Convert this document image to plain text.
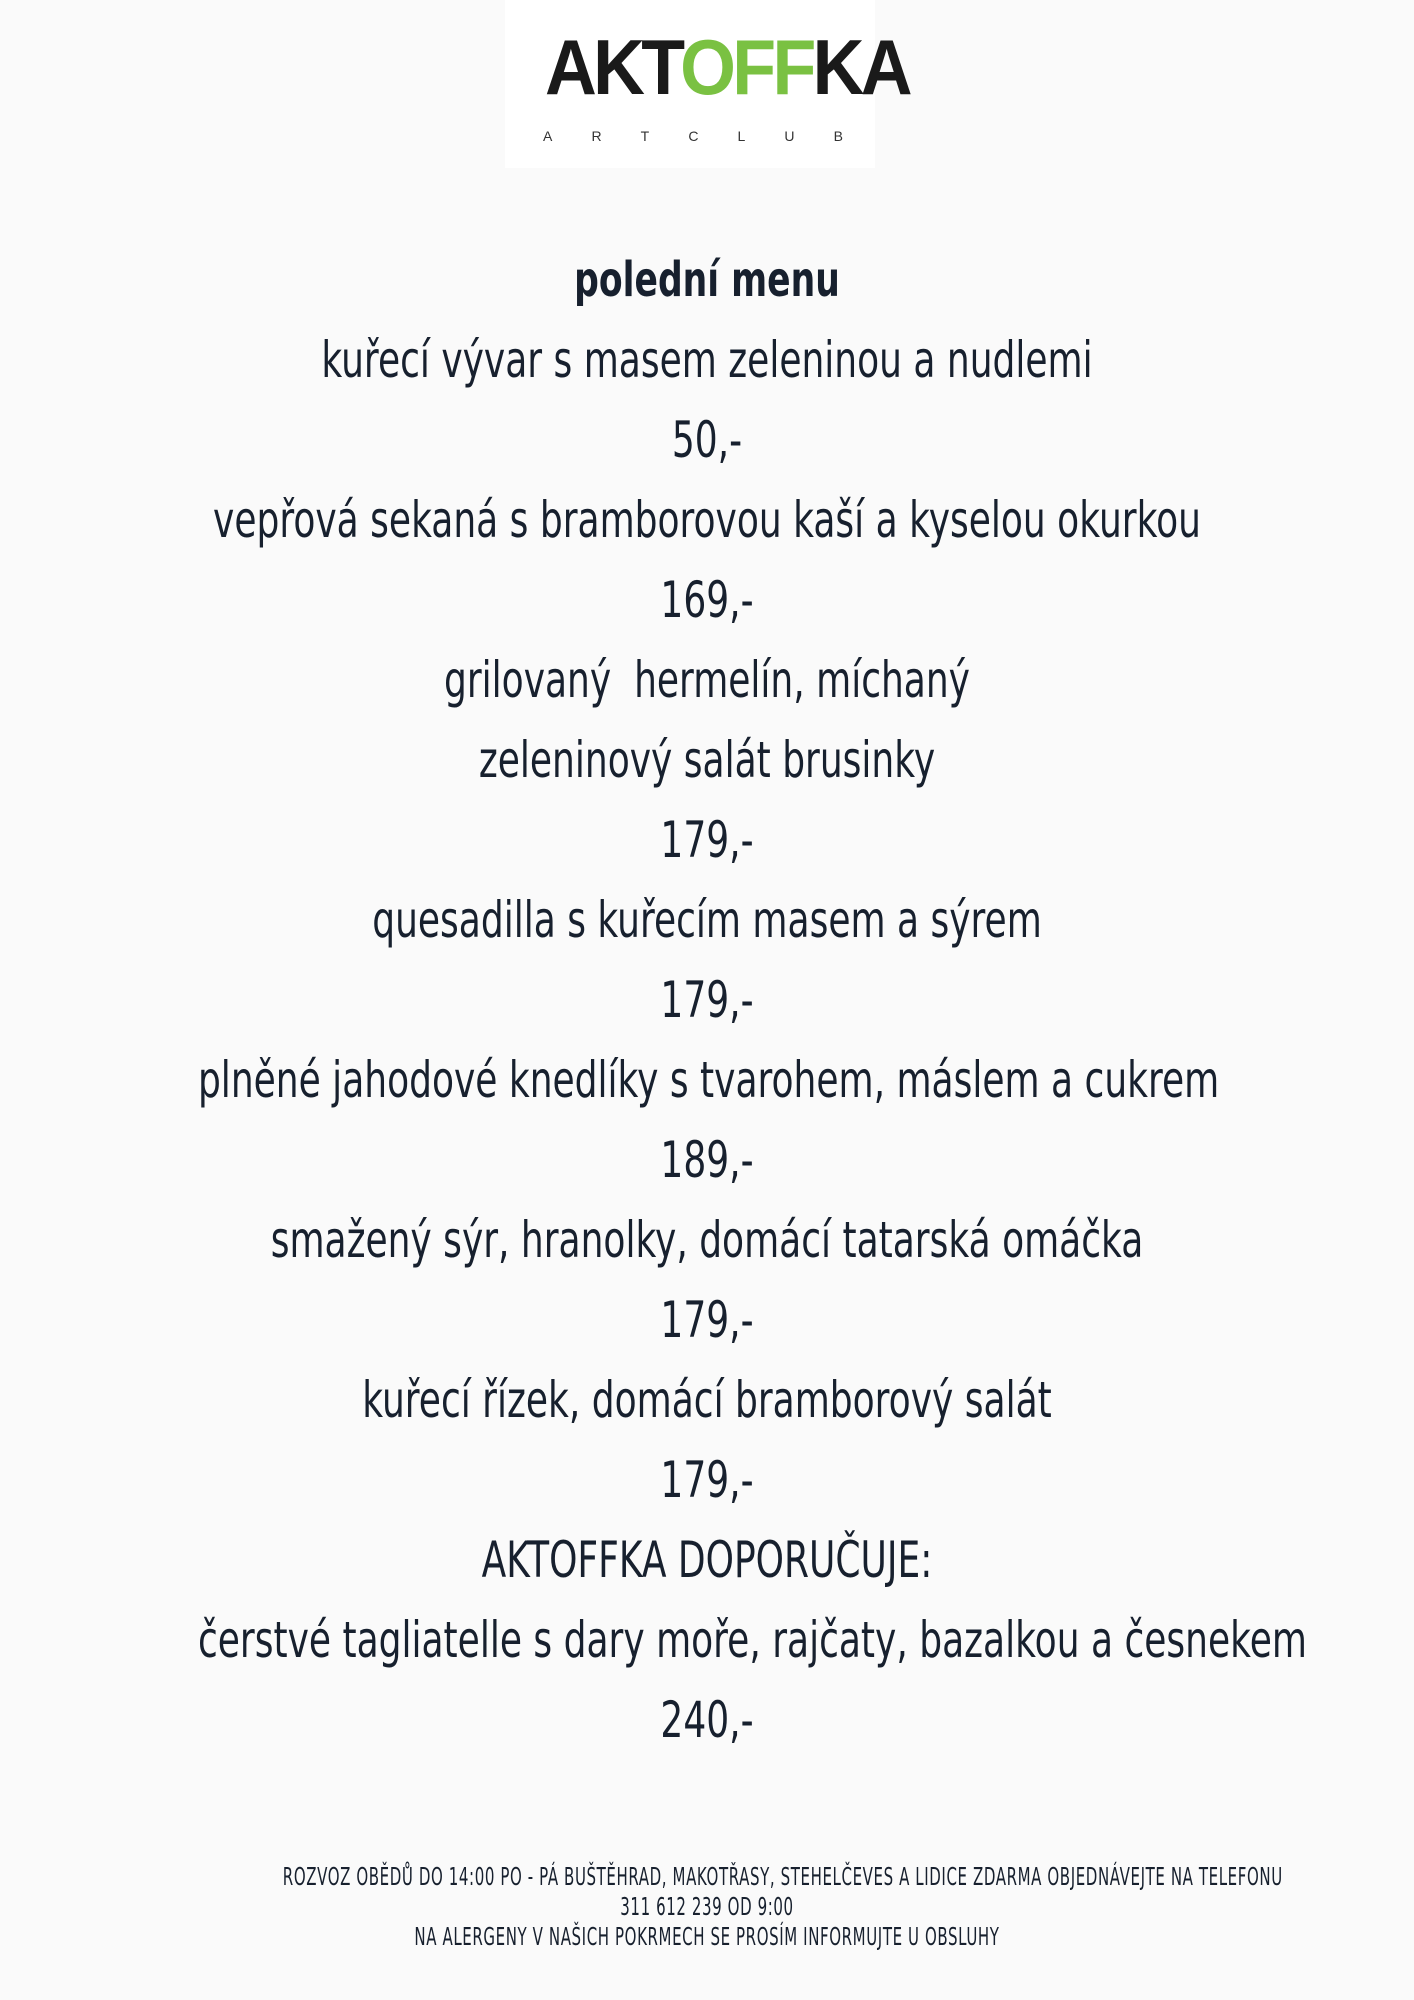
AKTOFFKA
A	R	T	C	L	U	B
polední menu
kuřecí vývar s masem zeleninou a nudlemi
50,-
vepřová sekaná s bramborovou kaší a kyselou okurkou
169,-
grilovaný  hermelín, míchaný
zeleninový salát brusinky
179,-
quesadilla s kuřecím masem a sýrem
179,-
plněné jahodové knedlíky s tvarohem, máslem a cukrem
189,-
smažený sýr, hranolky, domácí tatarská omáčka
179,-
kuřecí řízek, domácí bramborový salát
179,-
AKTOFFKA DOPORUČUJE:
čerstvé tagliatelle s dary moře, rajčaty, bazalkou a česnekem
240,-
ROZVOZ OBĚDŮ DO 14:00 PO - PÁ BUŠTĚHRAD, MAKOTŘASY, STEHELČEVES A LIDICE ZDARMA OBJEDNÁVEJTE NA TELEFONU
311 612 239 OD 9:00
NA ALERGENY V NAŠICH POKRMECH SE PROSÍM INFORMUJTE U OBSLUHY
